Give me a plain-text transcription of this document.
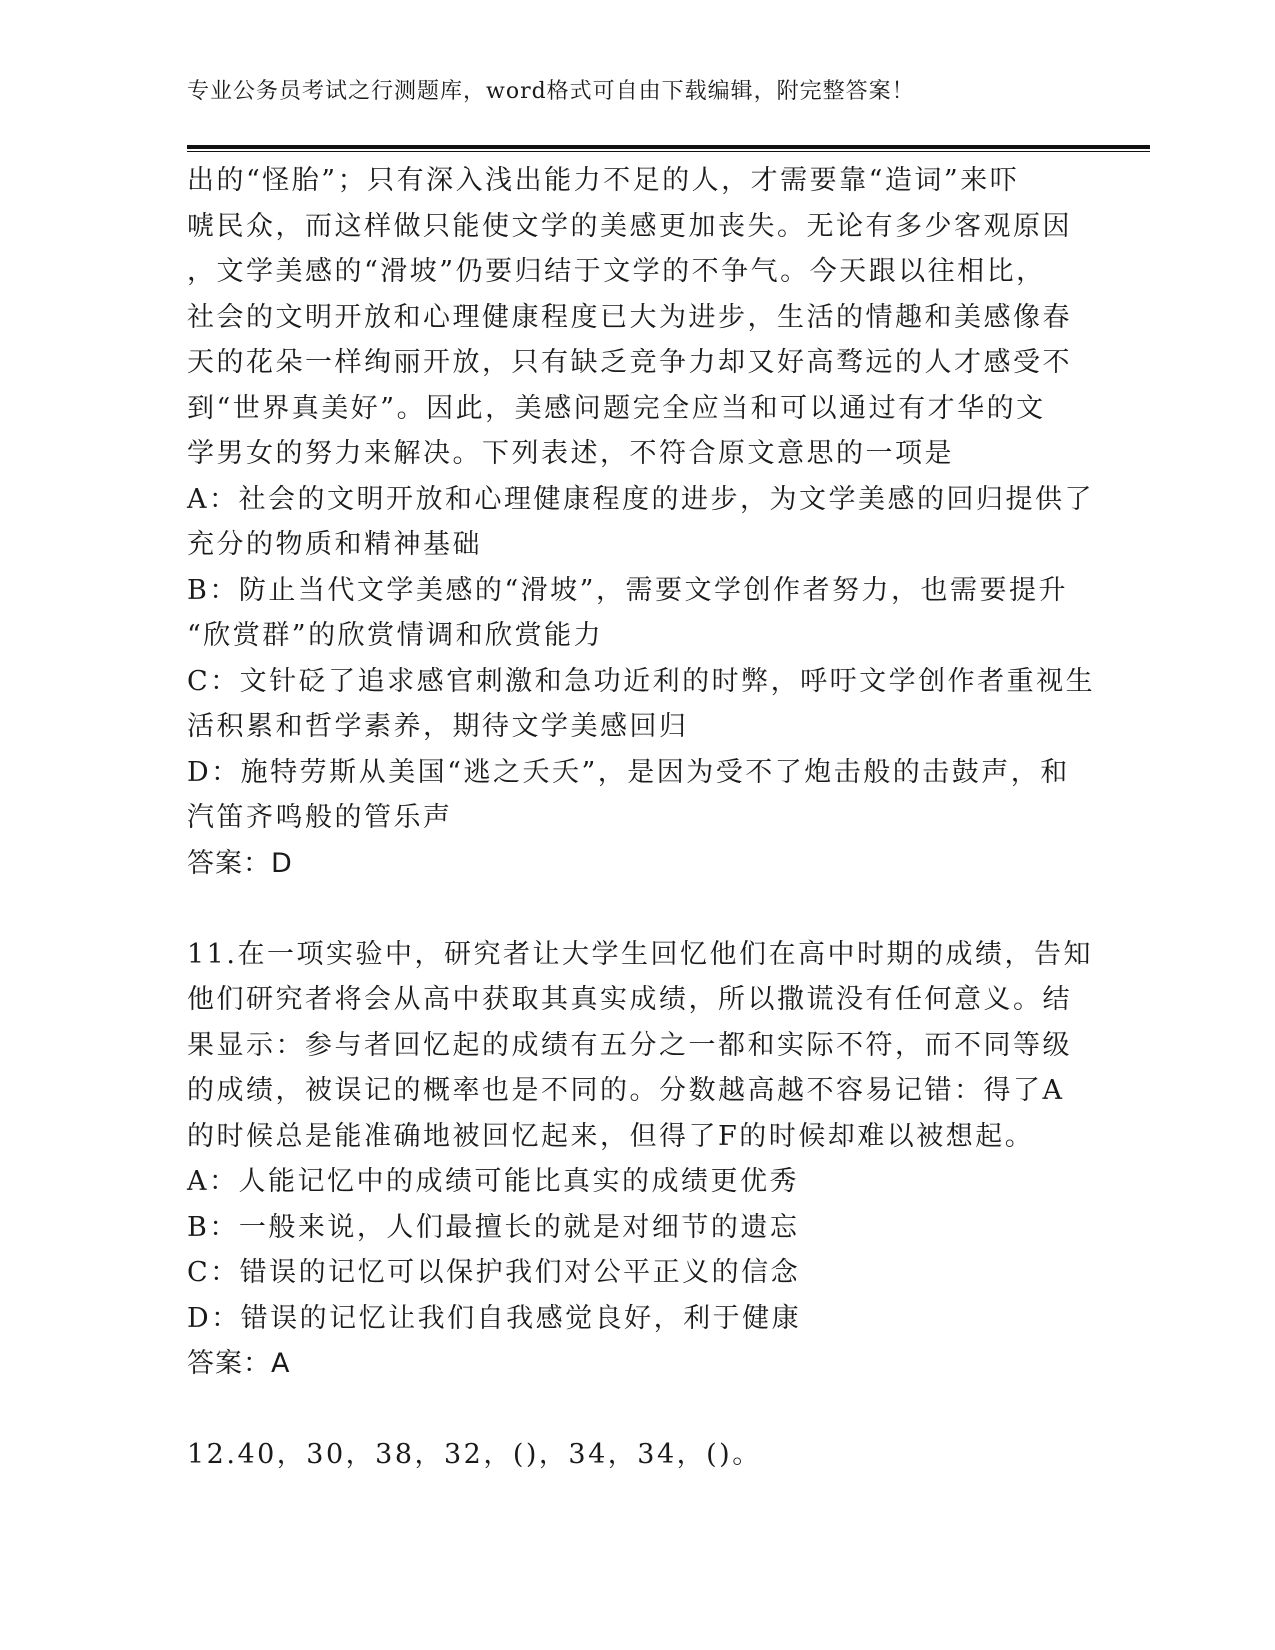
专业公务员考试之行测题库，word格式可自由下载编辑，附完整答案！
出的“怪胎”；只有深入浅出能力不足的人，才需要靠“造词”来吓
唬民众，而这样做只能使文学的美感更加丧失。无论有多少客观原因
，文学美感的“滑坡”仍要归结于文学的不争气。今天跟以往相比，
社会的文明开放和心理健康程度已大为进步，生活的情趣和美感像春
天的花朵一样绚丽开放，只有缺乏竞争力却又好高骛远的人才感受不
到“世界真美好”。因此，美感问题完全应当和可以通过有才华的文
学男女的努力来解决。下列表述，不符合原文意思的一项是
A：社会的文明开放和心理健康程度的进步，为文学美感的回归提供了
充分的物质和精神基础
B：防止当代文学美感的“滑坡”，需要文学创作者努力，也需要提升
“欣赏群”的欣赏情调和欣赏能力
C：文针砭了追求感官刺激和急功近利的时弊，呼吁文学创作者重视生
活积累和哲学素养，期待文学美感回归
D：施特劳斯从美国“逃之夭夭”，是因为受不了炮击般的击鼓声，和
汽笛齐鸣般的管乐声
答案：D
11.在一项实验中，研究者让大学生回忆他们在高中时期的成绩，告知
他们研究者将会从高中获取其真实成绩，所以撒谎没有任何意义。结
果显示：参与者回忆起的成绩有五分之一都和实际不符，而不同等级
的成绩，被误记的概率也是不同的。分数越高越不容易记错：得了A
的时候总是能准确地被回忆起来，但得了F的时候却难以被想起。
A：人能记忆中的成绩可能比真实的成绩更优秀
B：一般来说，人们最擅长的就是对细节的遗忘
C：错误的记忆可以保护我们对公平正义的信念
D：错误的记忆让我们自我感觉良好，利于健康
答案：A
12.40，30，38，32，()，34，34，()。
